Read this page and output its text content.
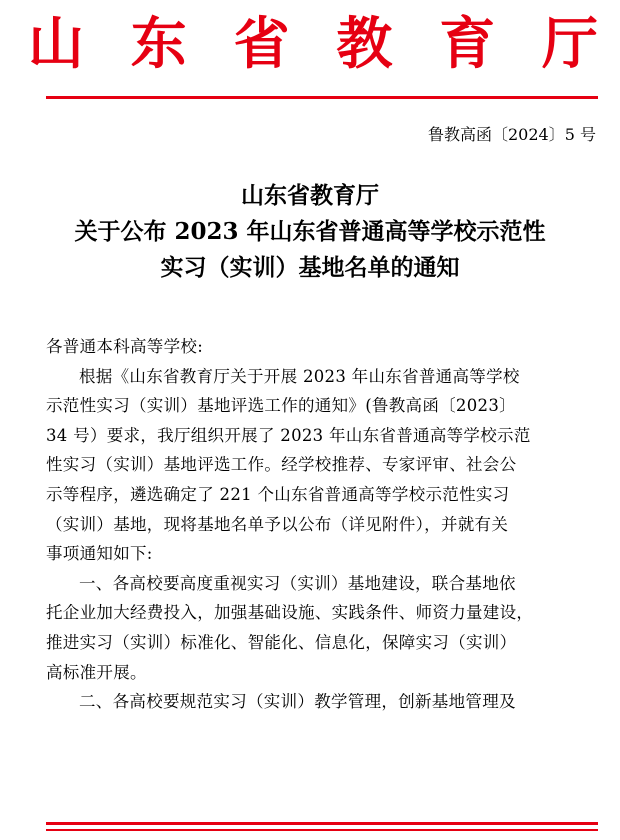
山 东 省 教 育 厅
鲁教高函〔2024〕5 号
山东省教育厅
关于公布 2023 年山东省普通高等学校示范性
实习（实训）基地名单的通知
各普通本科高等学校:
根据《山东省教育厅关于开展 2023 年山东省普通高等学校
示范性实习（实训）基地评选工作的通知》(鲁教高函〔2023〕
34 号）要求，我厅组织开展了 2023 年山东省普通高等学校示范
性实习（实训）基地评选工作。经学校推荐、专家评审、社会公
示等程序，遴选确定了 221 个山东省普通高等学校示范性实习
（实训）基地，现将基地名单予以公布（详见附件），并就有关
事项通知如下:
一、各高校要高度重视实习（实训）基地建设，联合基地依
托企业加大经费投入，加强基础设施、实践条件、师资力量建设，
推进实习（实训）标准化、智能化、信息化，保障实习（实训）
高标准开展。
二、各高校要规范实习（实训）教学管理，创新基地管理及
